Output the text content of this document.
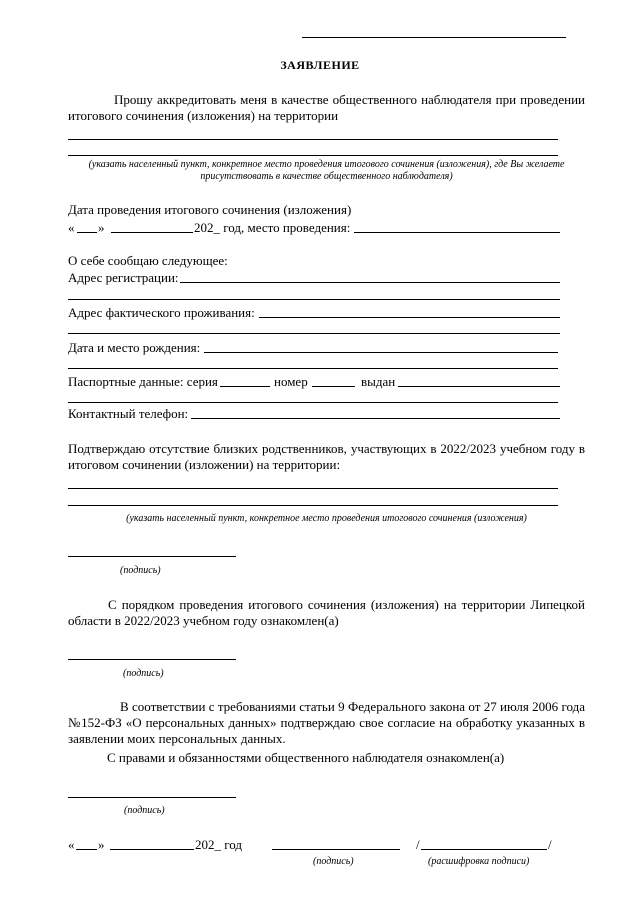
ЗАЯВЛЕНИЕ
Прошу аккредитовать меня в качестве общественного наблюдателя при проведении итогового сочинения (изложения) на территории
(указать населенный пункт, конкретное место проведения итогового сочинения (изложения), где Вы желаете присутствовать в качестве общественного наблюдателя)
Дата проведения итогового сочинения (изложения)
« »	202_ год, место проведения:
О себе сообщаю следующее:
Адрес регистрации:
Адрес фактического проживания:
Дата и место рождения:
Паспортные данные: серия	номер	выдан
Контактный телефон:
Подтверждаю отсутствие близких родственников, участвующих в 2022/2023 учебном году в итоговом сочинении (изложении) на территории:
(указать населенный пункт, конкретное место проведения итогового сочинения (изложения)
(подпись)
С порядком проведения итогового сочинения (изложения) на территории Липецкой области в 2022/2023 учебном году ознакомлен(а)
(подпись)
В соответствии с требованиями статьи 9 Федерального закона от 27 июля 2006 года №152-ФЗ «О персональных данных» подтверждаю свое согласие на обработку указанных в заявлении моих персональных данных.
С правами и обязанностями общественного наблюдателя ознакомлен(а)
(подпись)
« »	202_ год	/	/
(подпись)	(расшифровка подписи)
